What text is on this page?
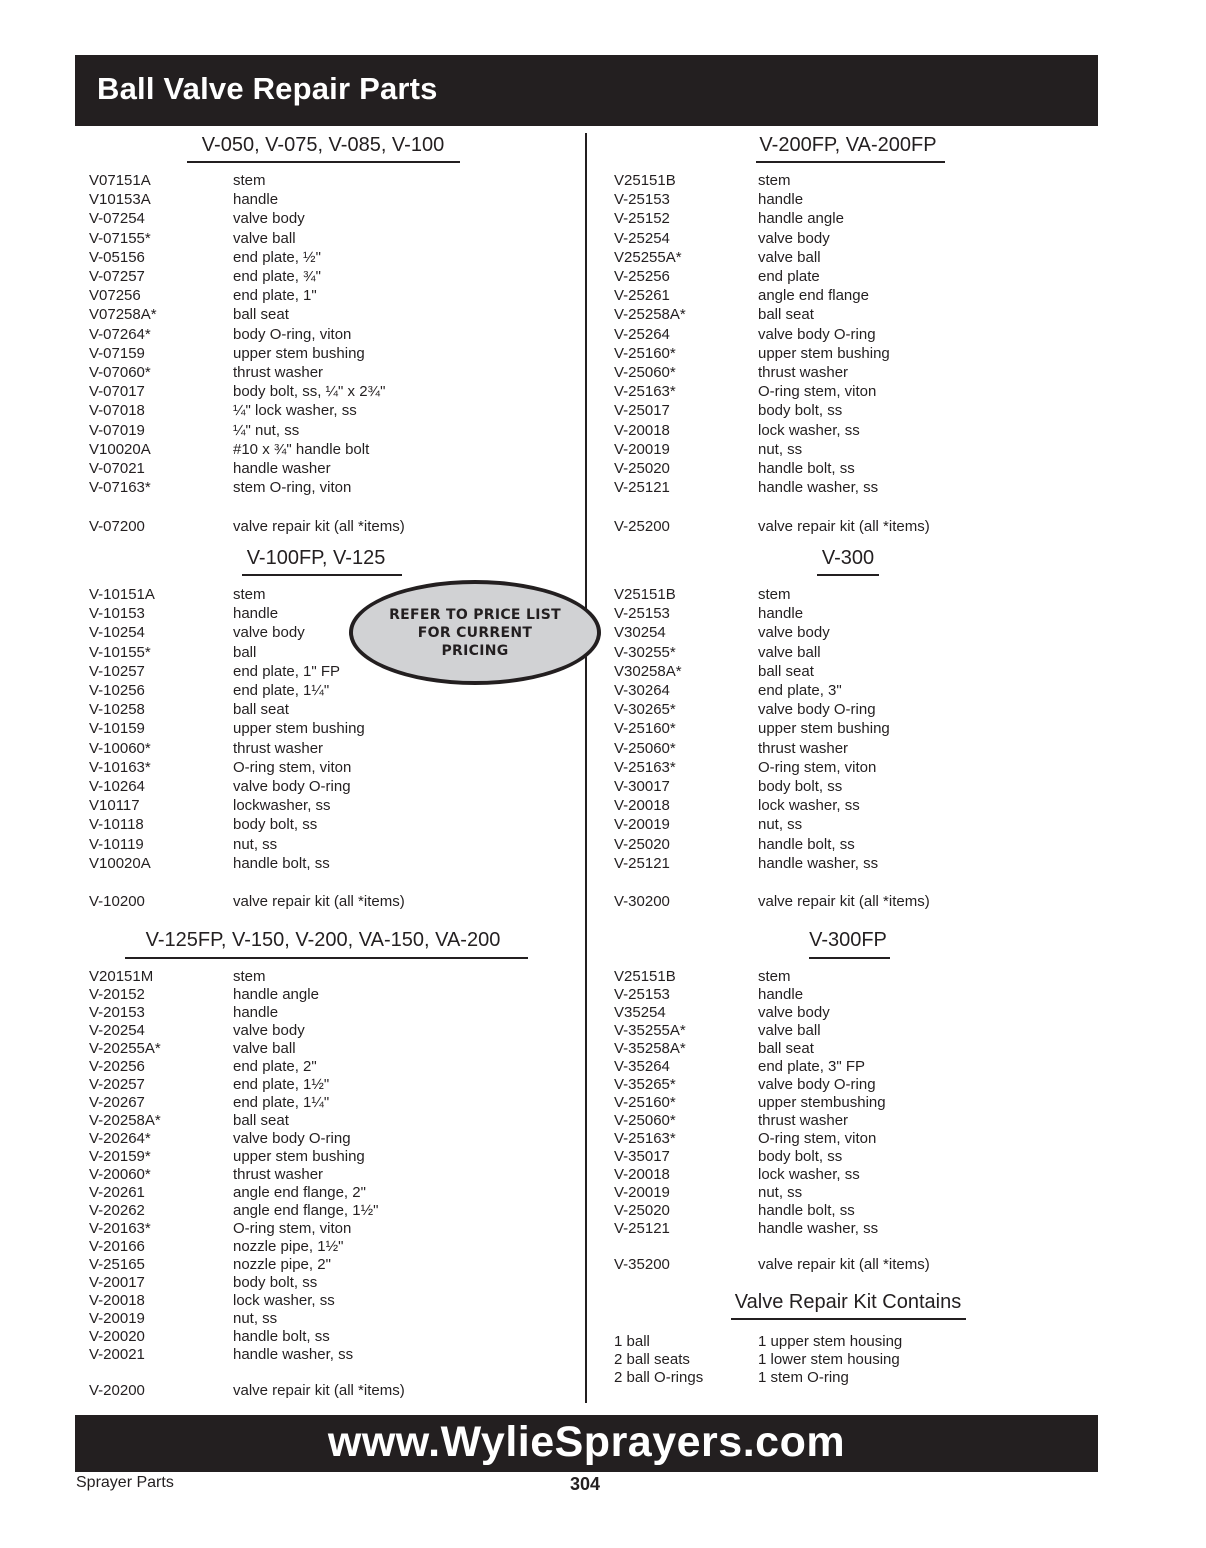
Ball Valve Repair Parts
V-050, V-075, V-085, V-100
V07151A	stem
V10153A	handle
V-07254	valve body
V-07155*	valve ball
V-05156	end plate, ½"
V-07257	end plate, ¾"
V07256	end plate, 1"
V07258A*	ball seat
V-07264*	body O-ring, viton
V-07159	upper stem bushing
V-07060*	thrust washer
V-07017	body bolt, ss, ¼" x 2¾"
V-07018	¼" lock washer, ss
V-07019	¼" nut, ss
V10020A	#10 x ¾" handle bolt
V-07021	handle washer
V-07163*	stem O-ring, viton
V-07200	valve repair kit (all *items)
V-100FP, V-125
V-10151A	stem
V-10153	handle
V-10254	valve body
V-10155*	ball
V-10257	end plate, 1" FP
V-10256	end plate, 1¼"
V-10258	ball seat
V-10159	upper stem bushing
V-10060*	thrust washer
V-10163*	O-ring stem, viton
V-10264	valve body O-ring
V10117	lockwasher, ss
V-10118	body bolt, ss
V-10119	nut, ss
V10020A	handle bolt, ss
V-10200	valve repair kit (all *items)
V-125FP, V-150, V-200, VA-150, VA-200
V20151M	stem
V-20152	handle angle
V-20153	handle
V-20254	valve body
V-20255A*	valve ball
V-20256	end plate, 2"
V-20257	end plate, 1½"
V-20267	end plate, 1¼"
V-20258A*	ball seat
V-20264*	valve body O-ring
V-20159*	upper stem bushing
V-20060*	thrust washer
V-20261	angle end flange, 2"
V-20262	angle end flange, 1½"
V-20163*	O-ring stem, viton
V-20166	nozzle pipe, 1½"
V-25165	nozzle pipe, 2"
V-20017	body bolt, ss
V-20018	lock washer, ss
V-20019	nut, ss
V-20020	handle bolt, ss
V-20021	handle washer, ss
V-20200	valve repair kit (all *items)
V-200FP, VA-200FP
V25151B	stem
V-25153	handle
V-25152	handle angle
V-25254	valve body
V25255A*	valve ball
V-25256	end plate
V-25261	angle end flange
V-25258A*	ball seat
V-25264	valve body O-ring
V-25160*	upper stem bushing
V-25060*	thrust washer
V-25163*	O-ring stem, viton
V-25017	body bolt, ss
V-20018	lock washer, ss
V-20019	nut, ss
V-25020	handle bolt, ss
V-25121	handle washer, ss
V-25200	valve repair kit (all *items)
V-300
V25151B	stem
V-25153	handle
V30254	valve body
V-30255*	valve ball
V30258A*	ball seat
V-30264	end plate, 3"
V-30265*	valve body O-ring
V-25160*	upper stem bushing
V-25060*	thrust washer
V-25163*	O-ring stem, viton
V-30017	body bolt, ss
V-20018	lock washer, ss
V-20019	nut, ss
V-25020	handle bolt, ss
V-25121	handle washer, ss
V-30200	valve repair kit (all *items)
V-300FP
V25151B	stem
V-25153	handle
V35254	valve body
V-35255A*	valve ball
V-35258A*	ball seat
V-35264	end plate, 3" FP
V-35265*	valve body O-ring
V-25160*	upper stembushing
V-25060*	thrust washer
V-25163*	O-ring stem, viton
V-35017	body bolt, ss
V-20018	lock washer, ss
V-20019	nut, ss
V-25020	handle bolt, ss
V-25121	handle washer, ss
V-35200	valve repair kit (all *items)
REFER TO PRICE LIST FOR CURRENT PRICING
Valve Repair Kit Contains
1 ball	1 upper stem housing
2 ball seats	1 lower stem housing
2 ball O-rings	1 stem O-ring
www.WylieSprayers.com
Sprayer Parts	304
